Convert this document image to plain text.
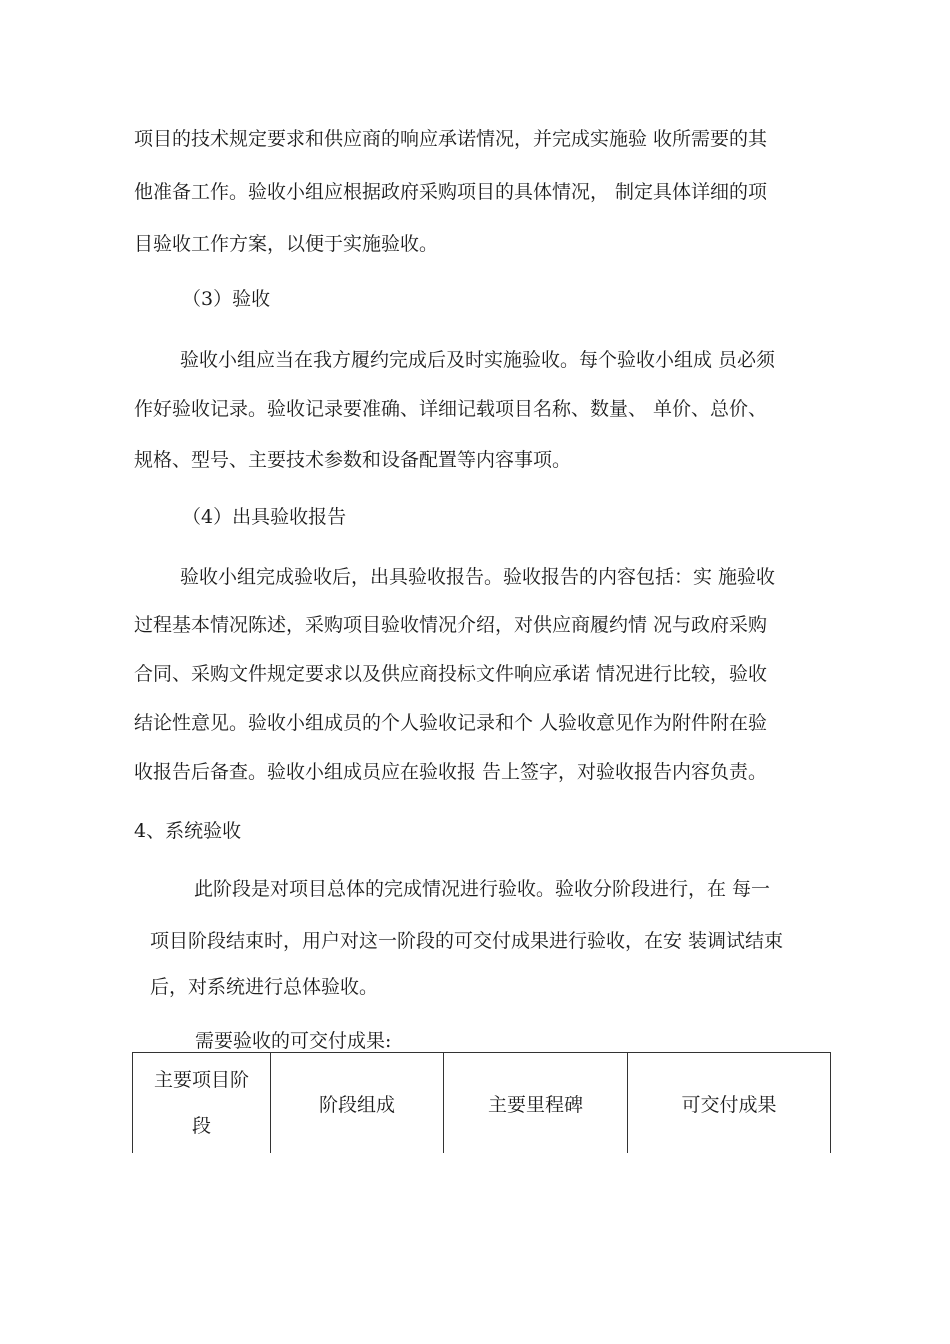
项目的技术规定要求和供应商的响应承诺情况，并完成实施验 收所需要的其
他准备工作。验收小组应根据政府采购项目的具体情况， 制定具体详细的项
目验收工作方案，以便于实施验收。
（3）验收
验收小组应当在我方履约完成后及时实施验收。每个验收小组成 员必须
作好验收记录。验收记录要准确、详细记载项目名称、数量、 单价、总价、
规格、型号、主要技术参数和设备配置等内容事项。
（4）出具验收报告
验收小组完成验收后，出具验收报告。验收报告的内容包括：实 施验收
过程基本情况陈述，采购项目验收情况介绍，对供应商履约情 况与政府采购
合同、采购文件规定要求以及供应商投标文件响应承诺 情况进行比较，验收
结论性意见。验收小组成员的个人验收记录和个 人验收意见作为附件附在验
收报告后备查。验收小组成员应在验收报 告上签字，对验收报告内容负责。
4、系统验收
此阶段是对项目总体的完成情况进行验收。验收分阶段进行，在 每一
项目阶段结束时，用户对这一阶段的可交付成果进行验收，在安 装调试结束
后，对系统进行总体验收。
需要验收的可交付成果:
主要项目阶
段
	阶段组成	主要里程碑	可交付成果
